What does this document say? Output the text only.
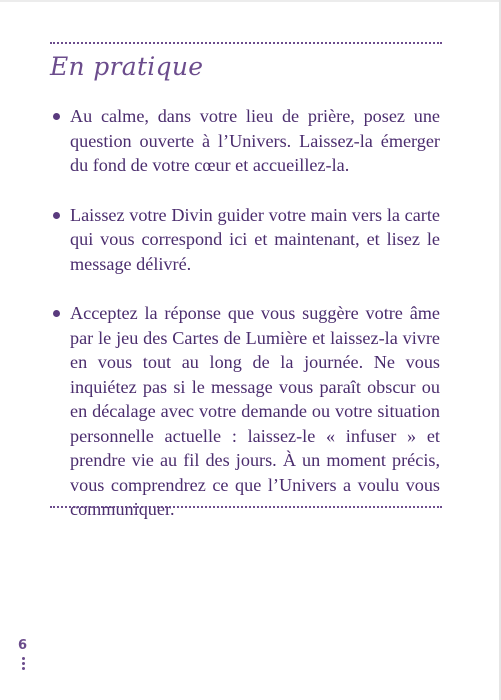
En pratique
Au calme, dans votre lieu de prière, posez une question ouverte à l’Univers. Laissez-la émerger du fond de votre cœur et accueillez-la.
Laissez votre Divin guider votre main vers la carte qui vous correspond ici et maintenant, et lisez le message délivré.
Acceptez la réponse que vous suggère votre âme par le jeu des Cartes de Lumière et laissez-la vivre en vous tout au long de la journée. Ne vous inquiétez pas si le message vous paraît obscur ou en décalage avec votre demande ou votre situation personnelle actuelle : laissez-le « infuser » et prendre vie au fil des jours. À un moment précis, vous comprendrez ce que l’Univers a voulu vous communiquer.

6
